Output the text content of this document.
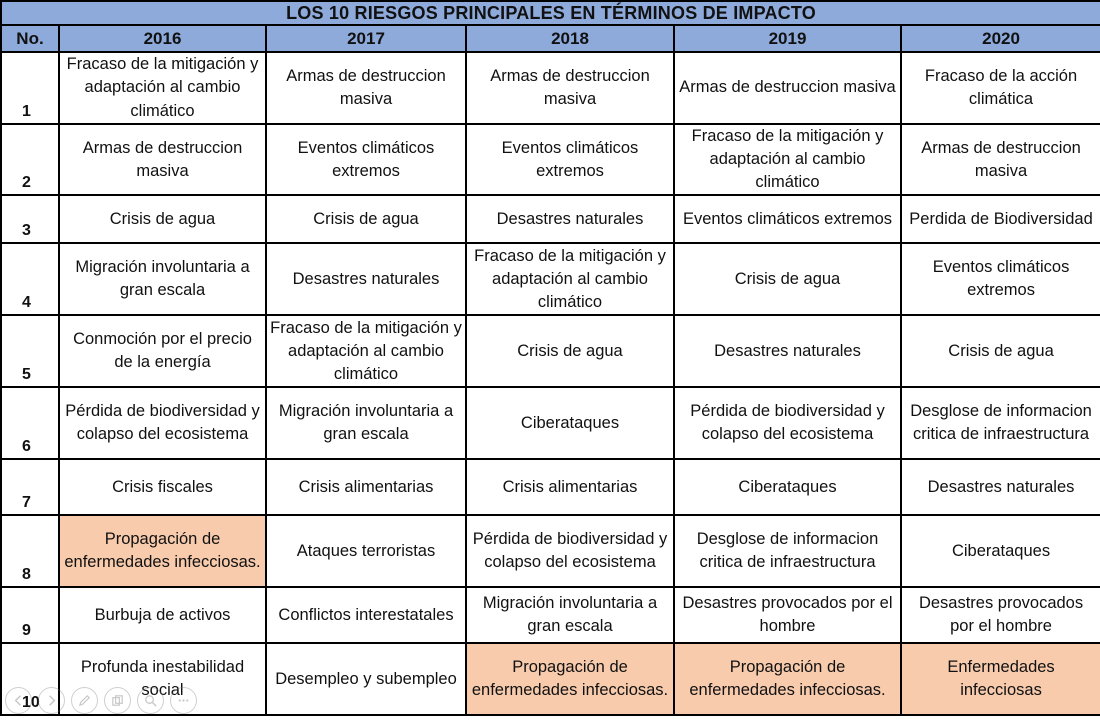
LOS 10 RIESGOS PRINCIPALES EN TÉRMINOS DE IMPACTO					
No.	2016	2017	2018	2019	2020
1	Fracaso de la mitigación y adaptación al cambio climático	Armas de destruccion masiva	Armas de destruccion masiva	Armas de destruccion masiva	Fracaso de la acción climática
2	Armas de destruccion masiva	Eventos climáticos extremos	Eventos climáticos extremos	Fracaso de la mitigación y adaptación al cambio climático	Armas de destruccion masiva
3	Crisis de agua	Crisis de agua	Desastres naturales	Eventos climáticos extremos	Perdida de Biodiversidad
4	Migración involuntaria a gran escala	Desastres naturales	Fracaso de la mitigación y adaptación al cambio climático	Crisis de agua	Eventos climáticos extremos
5	Conmoción por el precio de la energía	Fracaso de la mitigación y adaptación al cambio climático	Crisis de agua	Desastres naturales	Crisis de agua
6	Pérdida de biodiversidad y colapso del ecosistema	Migración involuntaria a gran escala	Ciberataques	Pérdida de biodiversidad y colapso del ecosistema	Desglose de informacion critica de infraestructura
7	Crisis fiscales	Crisis alimentarias	Crisis alimentarias	Ciberataques	Desastres naturales
8	Propagación de enfermedades infecciosas.	Ataques terroristas	Pérdida de biodiversidad y colapso del ecosistema	Desglose de informacion critica de infraestructura	Ciberataques
9	Burbuja de activos	Conflictos interestatales	Migración involuntaria a gran escala	Desastres provocados por el hombre	Desastres provocados por el hombre
10	Profunda inestabilidad social	Desempleo y subempleo	Propagación de enfermedades infecciosas.	Propagación de enfermedades infecciosas.	Enfermedades infecciosas
